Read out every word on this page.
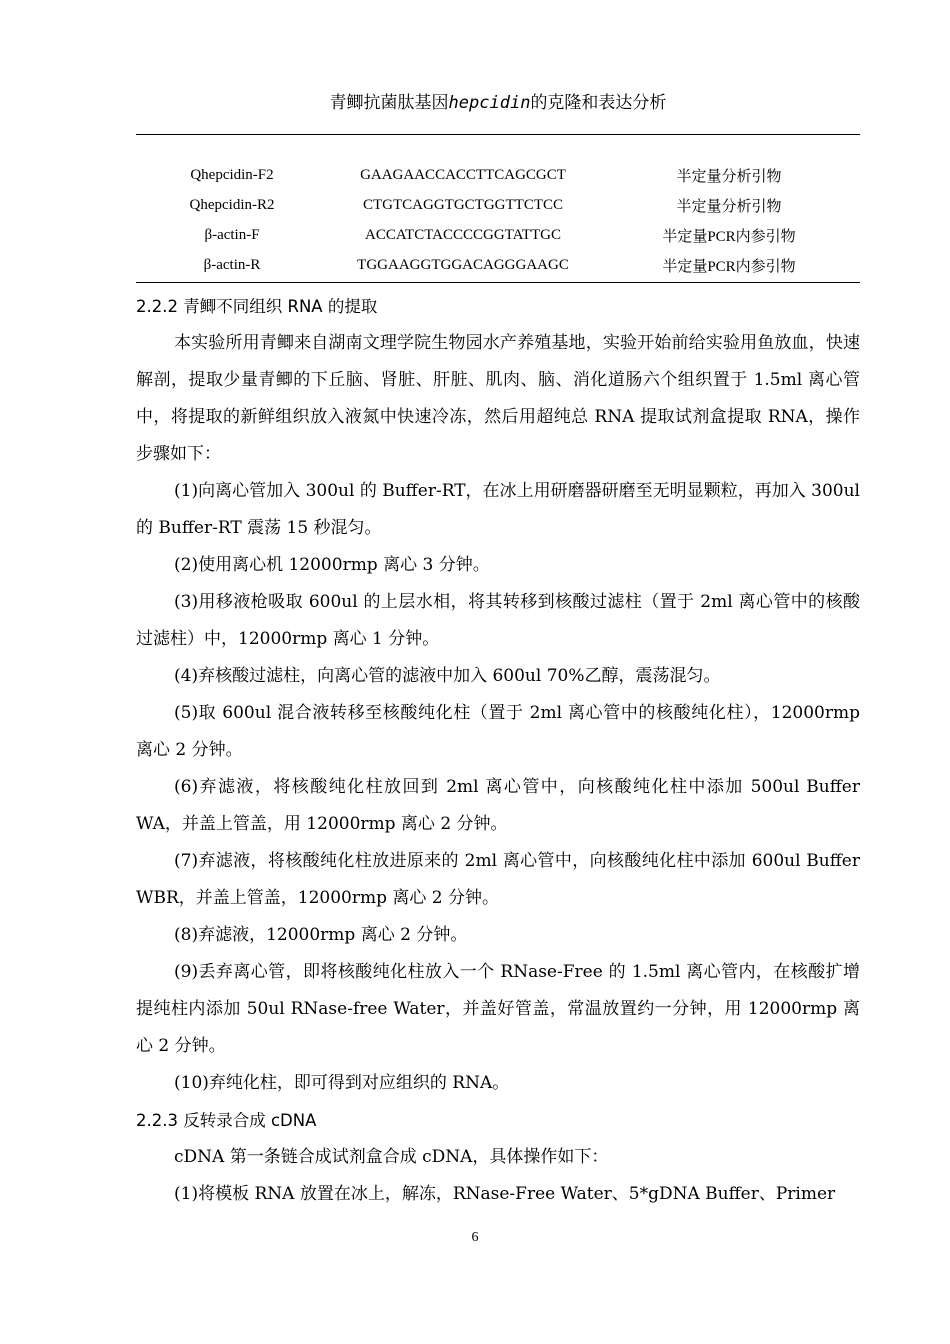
青鲫抗菌肽基因hepcidin的克隆和表达分析
Qhepcidin-F2	GAAGAACCACCTTCAGCGCT	半定量分析引物
Qhepcidin-R2	CTGTCAGGTGCTGGTTCTCC	半定量分析引物
β-actin-F	ACCATCTACCCCGGTATTGC	半定量PCR内参引物
β-actin-R	TGGAAGGTGGACAGGGAAGC	半定量PCR内参引物

2.2.2 青鲫不同组织 RNA 的提取

本实验所用青鲫来自湖南文理学院生物园水产养殖基地，实验开始前给实验用鱼放血，快速解剖，提取少量青鲫的下丘脑、肾脏、肝脏、肌肉、脑、消化道肠六个组织置于 1.5ml 离心管中，将提取的新鲜组织放入液氮中快速冷冻，然后用超纯总 RNA 提取试剂盒提取 RNA，操作步骤如下：

(1)向离心管加入 300ul 的 Buffer-RT，在冰上用研磨器研磨至无明显颗粒，再加入 300ul 的 Buffer-RT 震荡 15 秒混匀。

(2)使用离心机 12000rmp 离心 3 分钟。

(3)用移液枪吸取 600ul 的上层水相，将其转移到核酸过滤柱（置于 2ml 离心管中的核酸过滤柱）中，12000rmp 离心 1 分钟。

(4)弃核酸过滤柱，向离心管的滤液中加入 600ul 70%乙醇，震荡混匀。

(5)取 600ul 混合液转移至核酸纯化柱（置于 2ml 离心管中的核酸纯化柱），12000rmp 离心 2 分钟。

(6)弃滤液，将核酸纯化柱放回到 2ml 离心管中，向核酸纯化柱中添加 500ul Buffer WA，并盖上管盖，用 12000rmp 离心 2 分钟。

(7)弃滤液，将核酸纯化柱放进原来的 2ml 离心管中，向核酸纯化柱中添加 600ul Buffer WBR，并盖上管盖，12000rmp 离心 2 分钟。

(8)弃滤液，12000rmp 离心 2 分钟。

(9)丢弃离心管，即将核酸纯化柱放入一个 RNase-Free 的 1.5ml 离心管内，在核酸扩增提纯柱内添加 50ul RNase-free Water，并盖好管盖，常温放置约一分钟，用 12000rmp 离心 2 分钟。

(10)弃纯化柱，即可得到对应组织的 RNA。

2.2.3 反转录合成 cDNA

cDNA 第一条链合成试剂盒合成 cDNA，具体操作如下：

(1)将模板 RNA 放置在冰上，解冻，RNase-Free Water、5*gDNA Buffer、Primer

6
